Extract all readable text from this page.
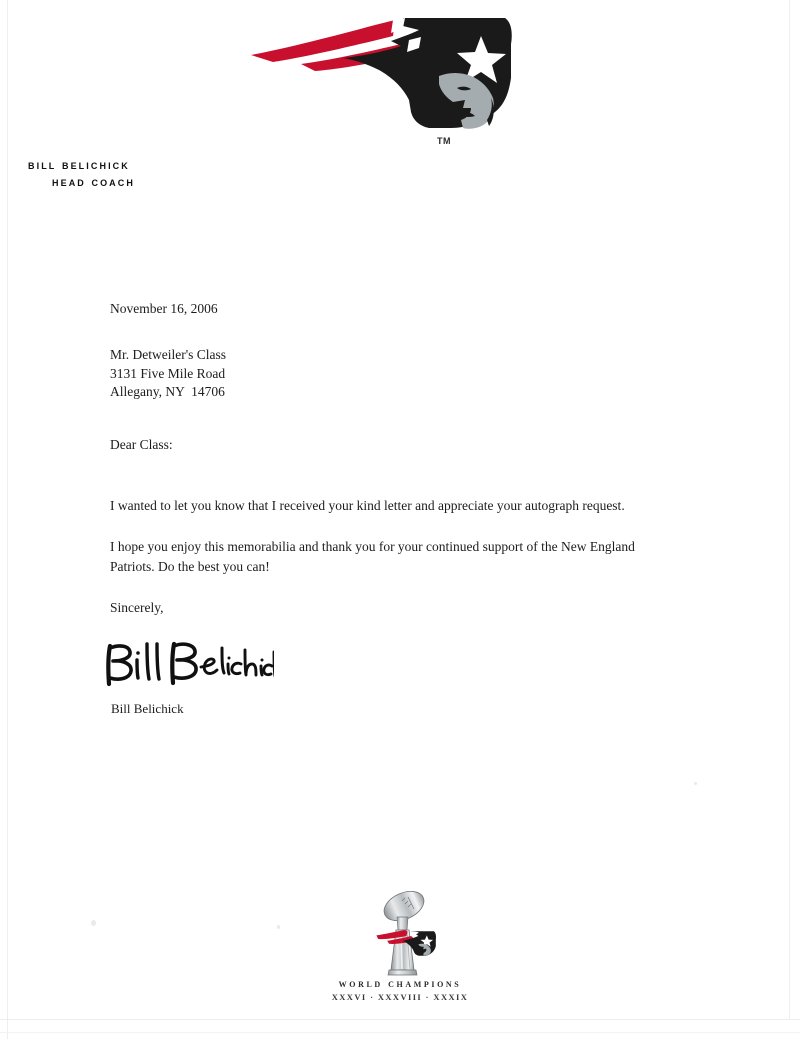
TM
bill belichick
head coach

November 16, 2006

Mr. Detweiler's Class
3131 Five Mile Road
Allegany, NY  14706

Dear Class:

I wanted to let you know that I received your kind letter and appreciate your autograph request.

I hope you enjoy this memorabilia and thank you for your continued support of the New England Patriots. Do the best you can!

Sincerely,

Bill Belichick
world champions
XXXVI · XXXVIII · XXXIX
